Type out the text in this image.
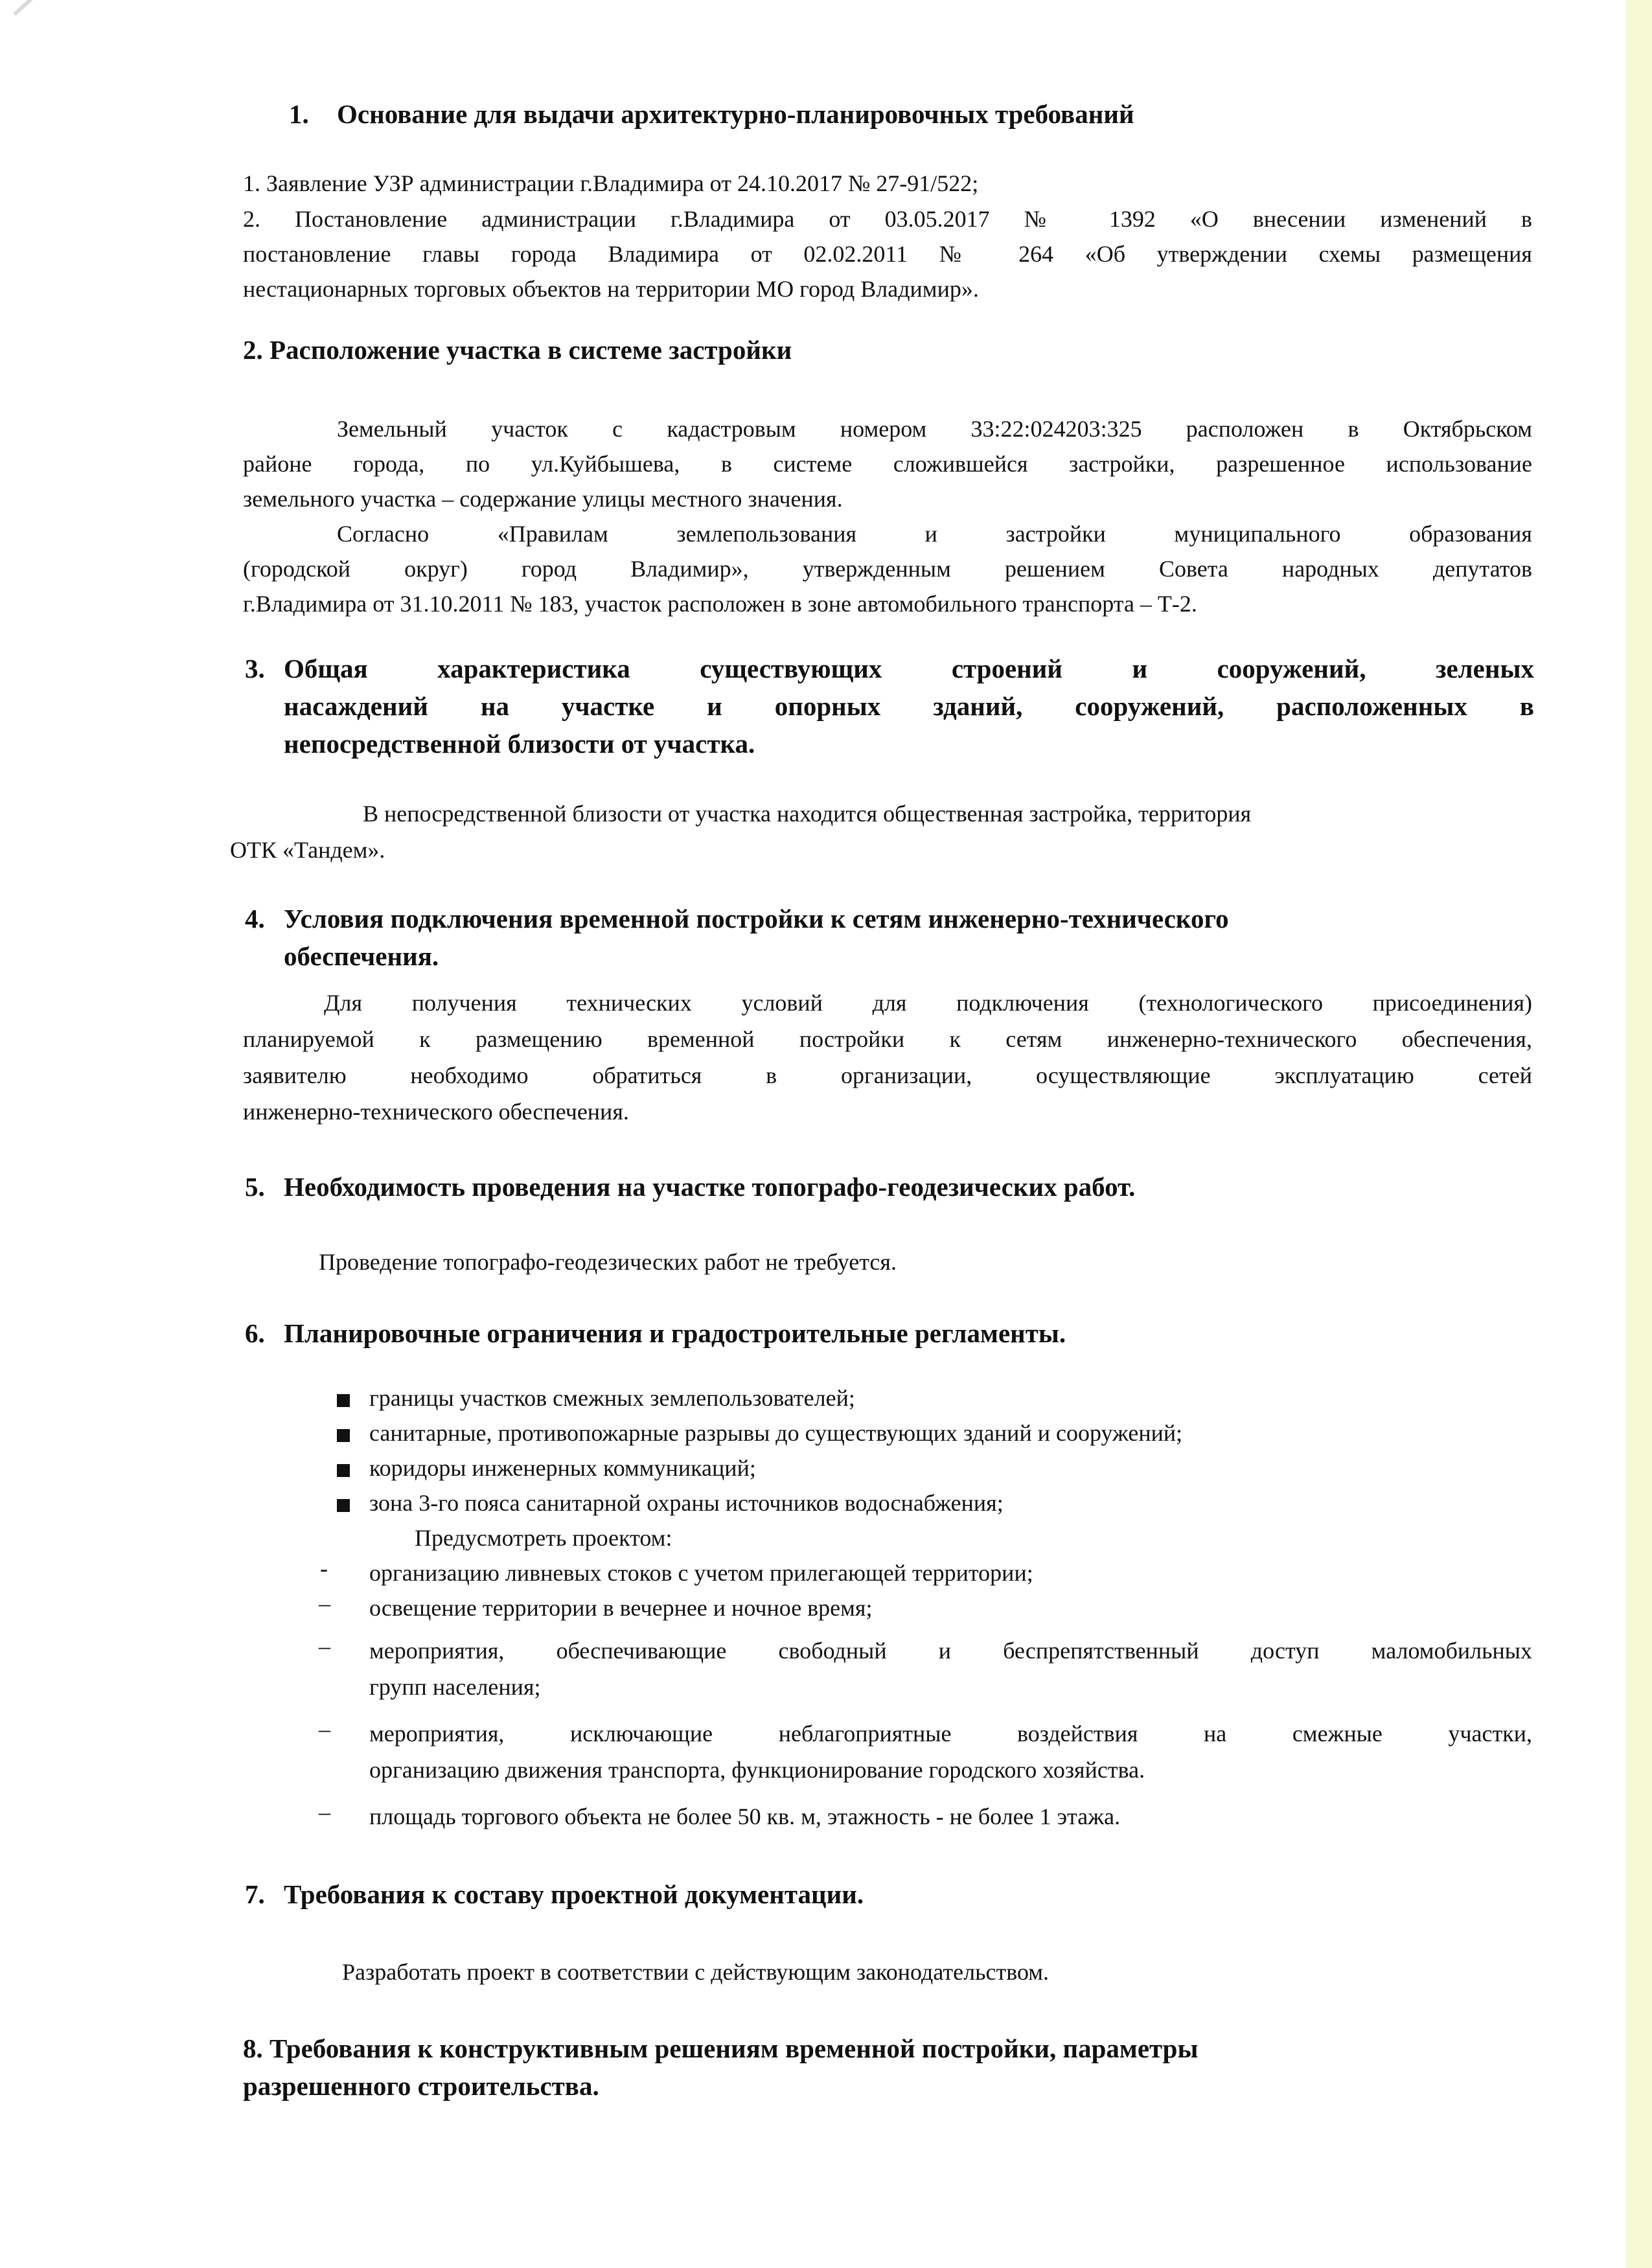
1. Основание для выдачи архитектурно-планировочных требований
1. Заявление УЗР администрации г.Владимира от 24.10.2017 № 27-91/522;
2. Постановление администрации г.Владимира от 03.05.2017 № 1392 «О внесении изменений в
постановление главы города Владимира от 02.02.2011 № 264 «Об утверждении схемы размещения
нестационарных торговых объектов на территории МО город Владимир».
2. Расположение участка в системе застройки
Земельный участок с кадастровым номером 33:22:024203:325 расположен в Октябрьском
районе города, по ул.Куйбышева, в системе сложившейся застройки, разрешенное использование
земельного участка – содержание улицы местного значения.
Согласно «Правилам землепользования и застройки муниципального образования
(городской округ) город Владимир», утвержденным решением Совета народных депутатов
г.Владимира от 31.10.2011 № 183, участок расположен в зоне автомобильного транспорта – Т-2.
3. Общая характеристика существующих строений и сооружений, зеленых
насаждений на участке и опорных зданий, сооружений, расположенных в
непосредственной близости от участка.
В непосредственной близости от участка находится общественная застройка, территория
ОТК «Тандем».
4. Условия подключения временной постройки к сетям инженерно-технического
обеспечения.
Для получения технических условий для подключения (технологического присоединения)
планируемой к размещению временной постройки к сетям инженерно-технического обеспечения,
заявителю необходимо обратиться в организации, осуществляющие эксплуатацию сетей
инженерно-технического обеспечения.
5. Необходимость проведения на участке топографо-геодезических работ.
Проведение топографо-геодезических работ не требуется.
6. Планировочные ограничения и градостроительные регламенты.
границы участков смежных землепользователей;
санитарные, противопожарные разрывы до существующих зданий и сооружений;
коридоры инженерных коммуникаций;
зона 3-го пояса санитарной охраны источников водоснабжения;
Предусмотреть проектом:
- организацию ливневых стоков с учетом прилегающей территории;
– освещение территории в вечернее и ночное время;
– мероприятия, обеспечивающие свободный и беспрепятственный доступ маломобильных
групп населения;
– мероприятия, исключающие неблагоприятные воздействия на смежные участки,
организацию движения транспорта, функционирование городского хозяйства.
– площадь торгового объекта не более 50 кв. м, этажность - не более 1 этажа.
7. Требования к составу проектной документации.
Разработать проект в соответствии с действующим законодательством.
8. Требования к конструктивным решениям временной постройки, параметры
разрешенного строительства.
